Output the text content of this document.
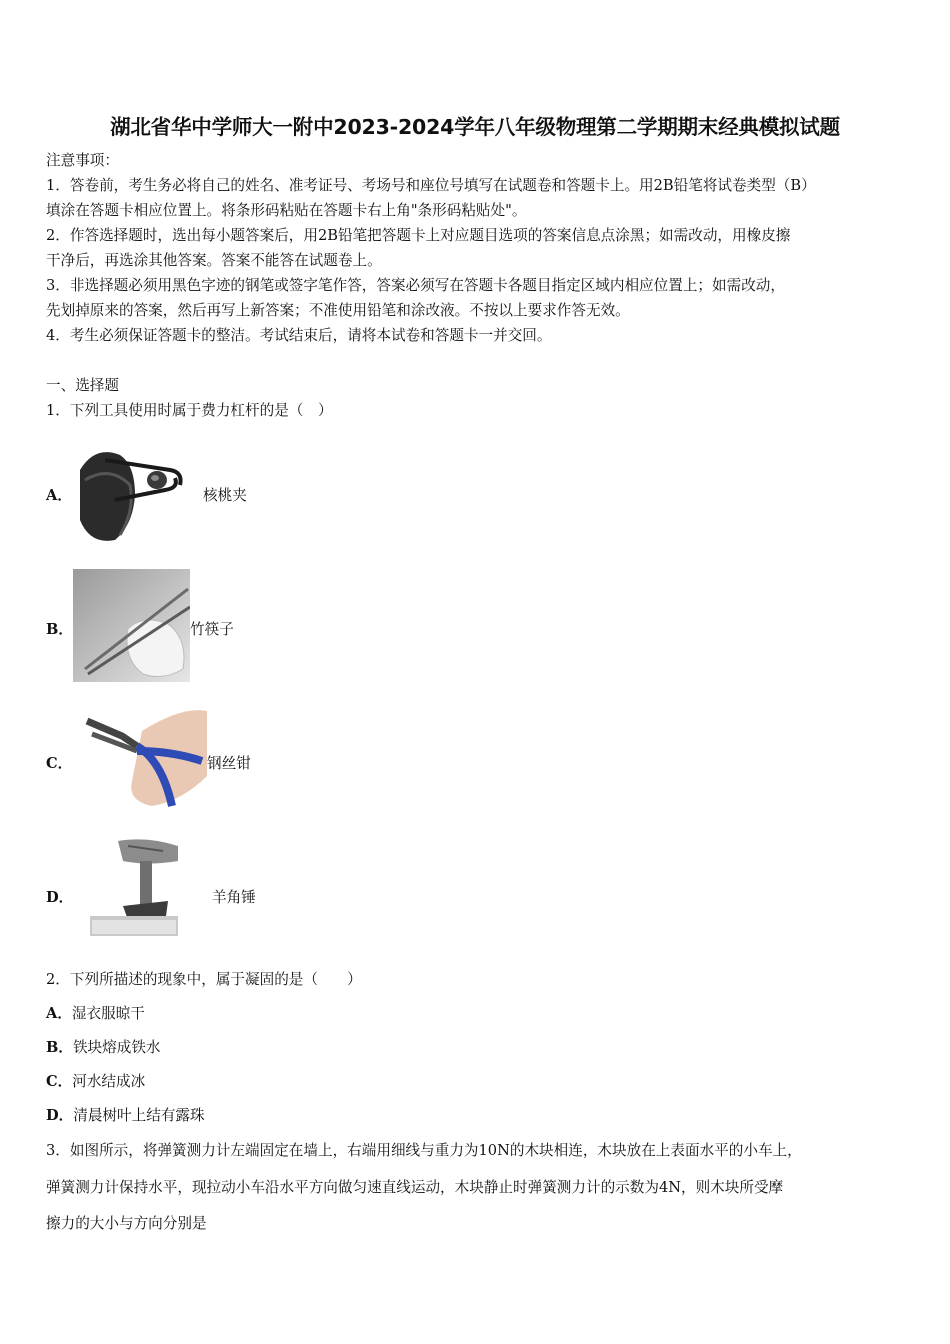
湖北省华中学师大一附中2023-2024学年八年级物理第二学期期末经典模拟试题
注意事项：
1．答卷前，考生务必将自己的姓名、准考证号、考场号和座位号填写在试题卷和答题卡上。用2B铅笔将试卷类型（B）
填涂在答题卡相应位置上。将条形码粘贴在答题卡右上角"条形码粘贴处"。
2．作答选择题时，选出每小题答案后，用2B铅笔把答题卡上对应题目选项的答案信息点涂黑；如需改动，用橡皮擦
干净后，再选涂其他答案。答案不能答在试题卷上。
3．非选择题必须用黑色字迹的钢笔或签字笔作答，答案必须写在答题卡各题目指定区域内相应位置上；如需改动，
先划掉原来的答案，然后再写上新答案；不准使用铅笔和涂改液。不按以上要求作答无效。
4．考生必须保证答题卡的整洁。考试结束后，请将本试卷和答题卡一并交回。
一、选择题
1．下列工具使用时属于费力杠杆的是（　）
A．	核桃夹
B．	竹筷子
C．	钢丝钳
D．	羊角锤
2．下列所描述的现象中，属于凝固的是（　　）
A．湿衣服晾干
B．铁块熔成铁水
C．河水结成冰
D．清晨树叶上结有露珠
3．如图所示，将弹簧测力计左端固定在墙上，右端用细线与重力为10N的木块相连，木块放在上表面水平的小车上，
弹簧测力计保持水平，现拉动小车沿水平方向做匀速直线运动，木块静止时弹簧测力计的示数为4N，则木块所受摩
擦力的大小与方向分别是
